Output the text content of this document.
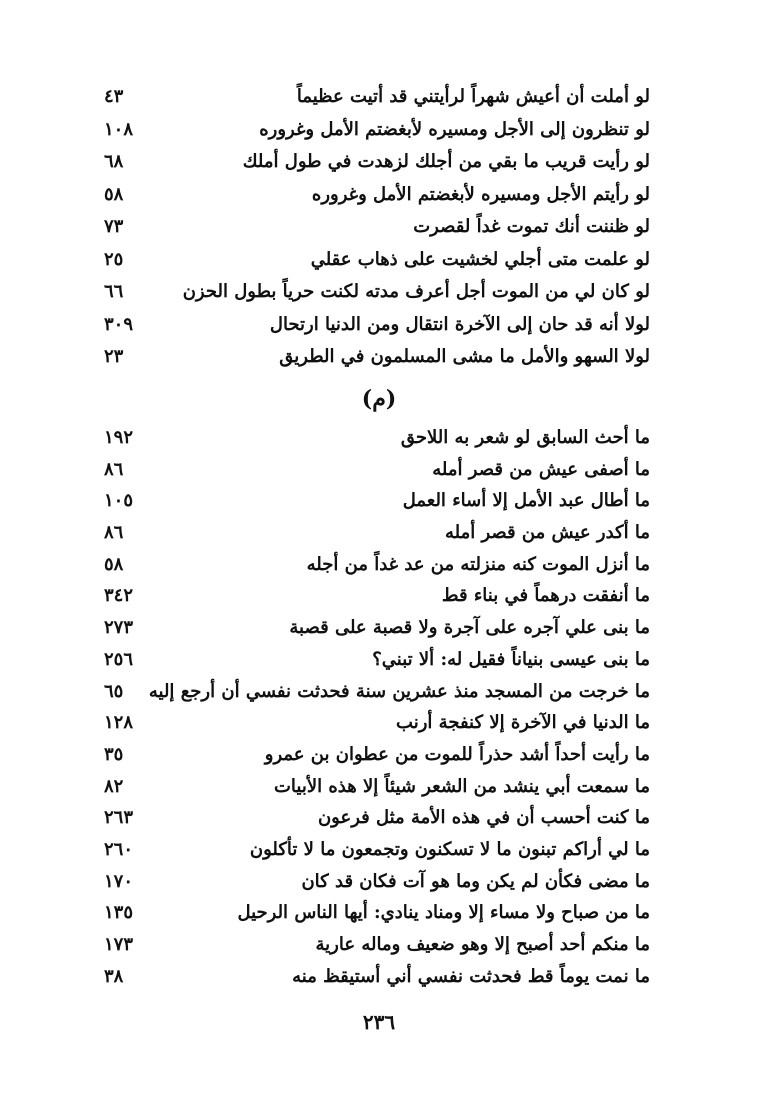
لو أملت أن أعيش شهراً لرأيتني قد أتيت عظيماً
٤٣
لو تنظرون إلى الأجل ومسيره لأبغضتم الأمل وغروره
١٠٨
لو رأيت قريب ما بقي من أجلك لزهدت في طول أملك
٦٨
لو رأيتم الأجل ومسيره لأبغضتم الأمل وغروره
٥٨
لو ظننت أنك تموت غداً لقصرت
٧٣
لو علمت متى أجلي لخشيت على ذهاب عقلي
٢٥
لو كان لي من الموت أجل أعرف مدته لكنت حرياً بطول الحزن
٦٦
لولا أنه قد حان إلى الآخرة انتقال ومن الدنيا ارتحال
٣٠٩
لولا السهو والأمل ما مشى المسلمون في الطريق
٢٣
(م)
ما أحث السابق لو شعر به اللاحق
١٩٢
ما أصفى عيش من قصر أمله
٨٦
ما أطال عبد الأمل إلا أساء العمل
١٠٥
ما أكدر عيش من قصر أمله
٨٦
ما أنزل الموت كنه منزلته من عد غداً من أجله
٥٨
ما أنفقت درهماً في بناء قط
٣٤٢
ما بنى علي آجره على آجرة ولا قصبة على قصبة
٢٧٣
ما بنى عيسى بنياناً فقيل له: ألا تبني؟
٢٥٦
ما خرجت من المسجد منذ عشرين سنة فحدثت نفسي أن أرجع إليه
٦٥
ما الدنيا في الآخرة إلا كنفجة أرنب
١٢٨
ما رأيت أحداً أشد حذراً للموت من عطوان بن عمرو
٣٥
ما سمعت أبي ينشد من الشعر شيئاً إلا هذه الأبيات
٨٢
ما كنت أحسب أن في هذه الأمة مثل فرعون
٢٦٣
ما لي أراكم تبنون ما لا تسكنون وتجمعون ما لا تأكلون
٢٦٠
ما مضى فكأن لم يكن وما هو آت فكان قد كان
١٧٠
ما من صباح ولا مساء إلا ومناد ينادي: أيها الناس الرحيل
١٣٥
ما منكم أحد أصبح إلا وهو ضعيف وماله عارية
١٧٣
ما نمت يوماً قط فحدثت نفسي أني أستيقظ منه
٣٨
٢٣٦
